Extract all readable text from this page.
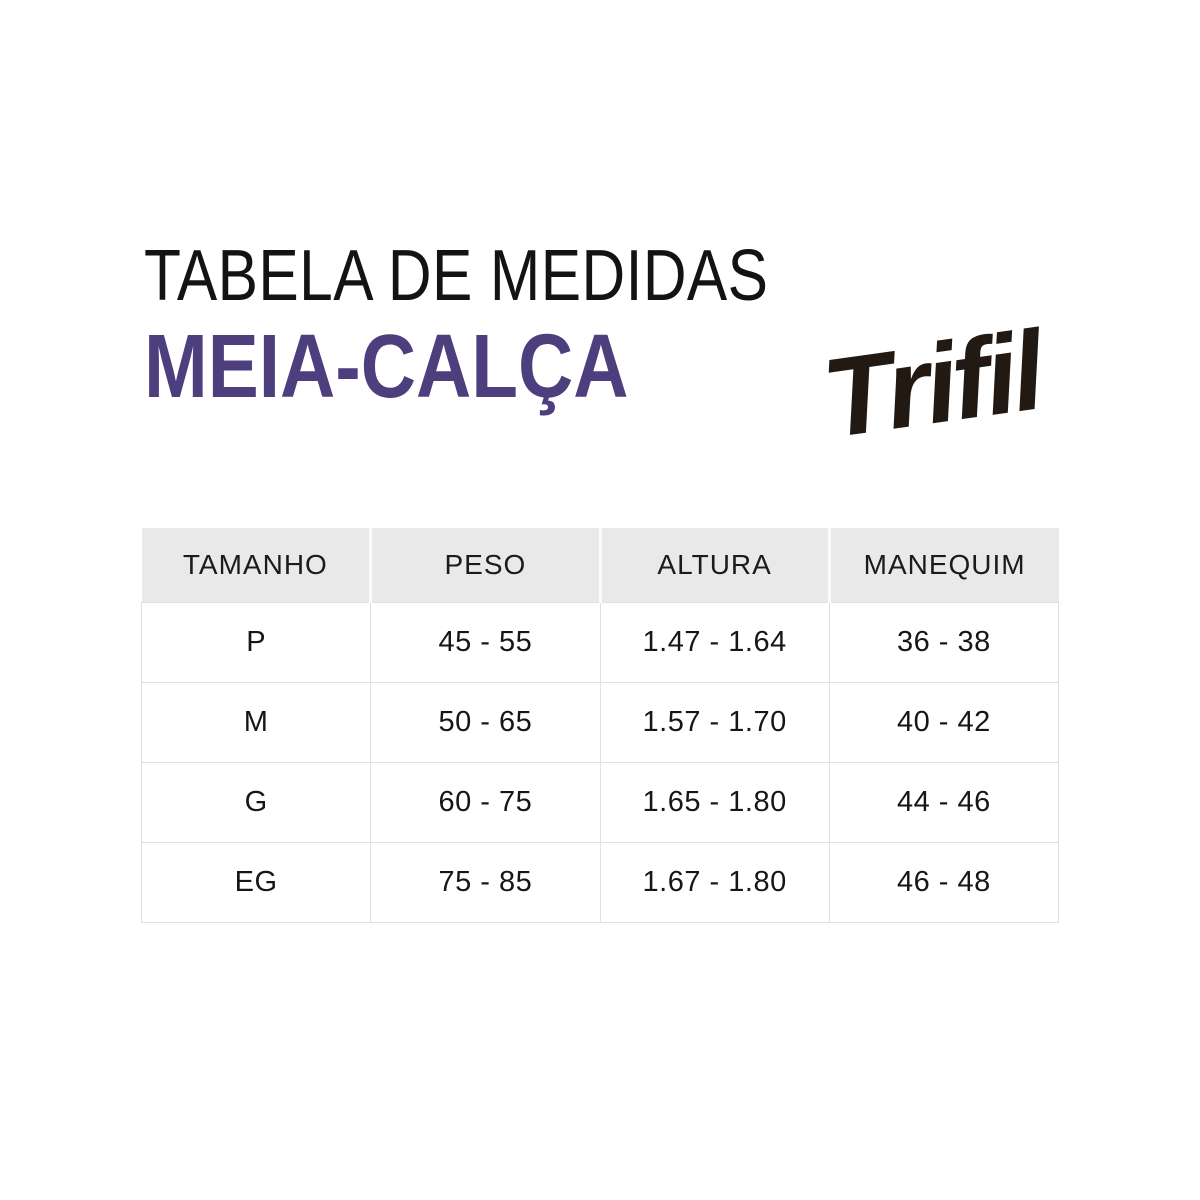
TABELA DE MEDIDAS
MEIA-CALÇA Trifil
TAMANHO	PESO	ALTURA	MANEQUIM
P	45 - 55	1.47 - 1.64	36 - 38
M	50 - 65	1.57 - 1.70	40 - 42
G	60 - 75	1.65 - 1.80	44 - 46
EG	75 - 85	1.67 - 1.80	46 - 48
